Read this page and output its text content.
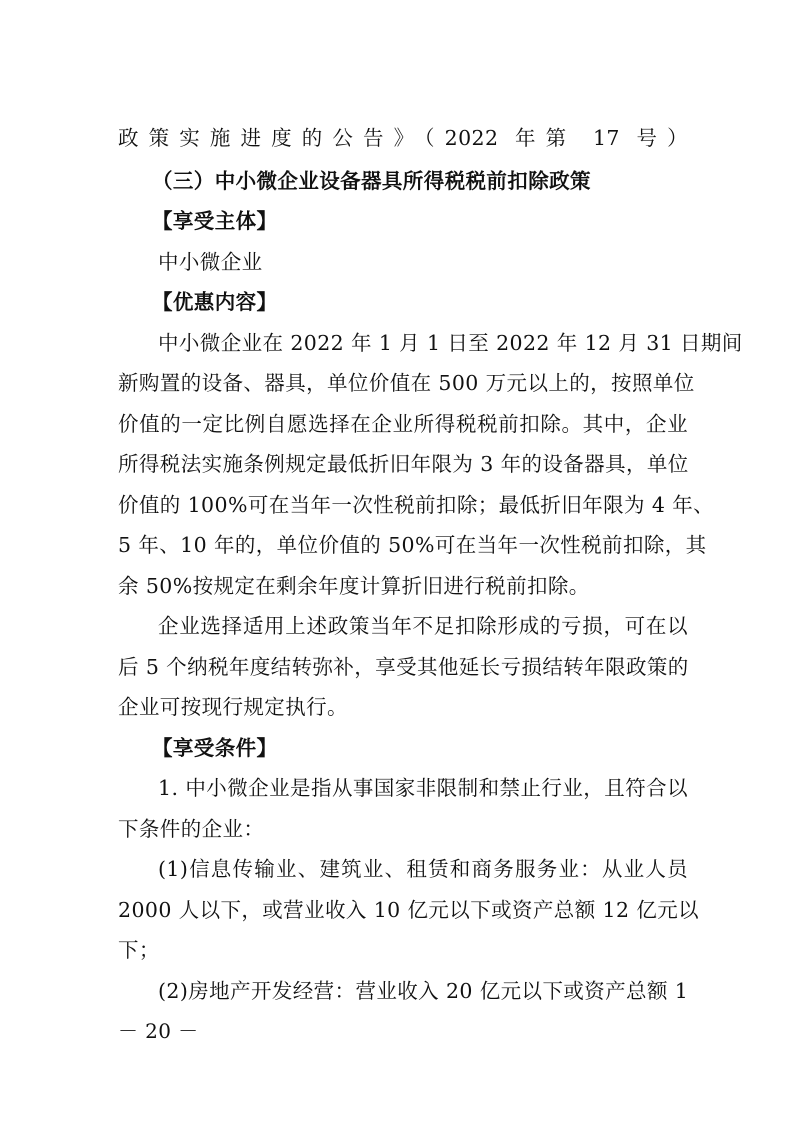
政策实施进度的公告》（2022 年第 17 号）
（三）中小微企业设备器具所得税税前扣除政策
【享受主体】
中小微企业
【优惠内容】
中小微企业在 2022 年 1 月 1 日至 2022 年 12 月 31 日期间
新购置的设备、器具，单位价值在 500 万元以上的，按照单位
价值的一定比例自愿选择在企业所得税税前扣除。其中，企业
所得税法实施条例规定最低折旧年限为 3 年的设备器具，单位
价值的 100%可在当年一次性税前扣除；最低折旧年限为 4 年、
5 年、10 年的，单位价值的 50%可在当年一次性税前扣除，其
余 50%按规定在剩余年度计算折旧进行税前扣除。
企业选择适用上述政策当年不足扣除形成的亏损，可在以
后 5 个纳税年度结转弥补，享受其他延长亏损结转年限政策的
企业可按现行规定执行。
【享受条件】
1. 中小微企业是指从事国家非限制和禁止行业，且符合以
下条件的企业：
(1)信息传输业、建筑业、租赁和商务服务业：从业人员
2000 人以下，或营业收入 10 亿元以下或资产总额 12 亿元以
下；
(2)房地产开发经营：营业收入 20 亿元以下或资产总额 1
－ 20 －
